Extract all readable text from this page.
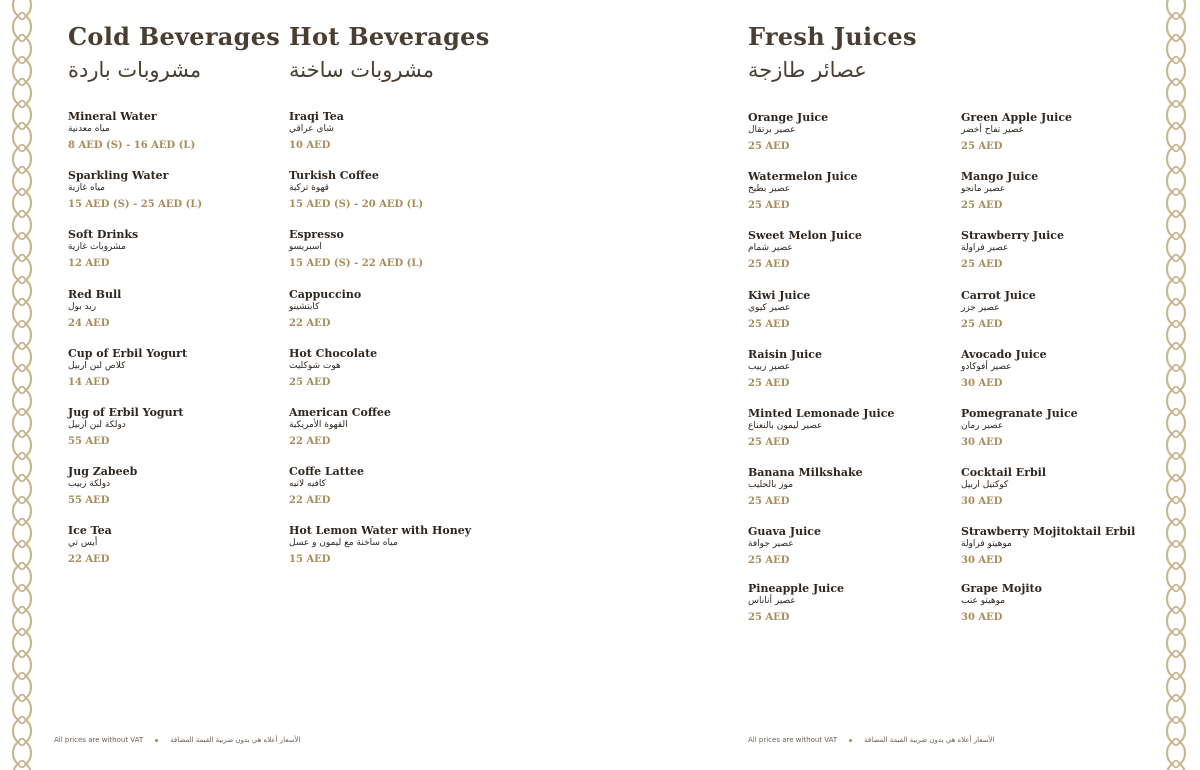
Cold Beverages
مشروبات باردة
Mineral Water
مياه معدنية
8 AED (S) - 16 AED (L)
Sparkling Water
مياه غازية
15 AED (S) - 25 AED (L)
Soft Drinks
مشروبات غازية
12 AED
Red Bull
ريد بول
24 AED
Cup of Erbil Yogurt
كلاص لبن اربيل
14 AED
Jug of Erbil Yogurt
دولكة لبن اربيل
55 AED
Jug Zabeeb
دولكة زبيب
55 AED
Ice Tea
أيس تي
22 AED
Hot Beverages
مشروبات ساخنة
Iraqi Tea
شاي عراقي
10 AED
Turkish Coffee
قهوة تركية
15 AED (S) - 20 AED (L)
Espresso
اسبريسو
15 AED (S) - 22 AED (L)
Cappuccino
كابتشينو
22 AED
Hot Chocolate
هوت شوكليت
25 AED
American Coffee
القهوة الأمريكية
22 AED
Coffe Lattee
كافيه لاتيه
22 AED
Hot Lemon Water with Honey
مياه ساخنة مع ليمون و عسل
15 AED
Fresh Juices
عصائر طازجة
Orange Juice
عصير برتقال
25 AED
Watermelon Juice
عصير بطيخ
25 AED
Sweet Melon Juice
عصير شمام
25 AED
Kiwi Juice
عصير كيوي
25 AED
Raisin Juice
عصير زبيب
25 AED
Minted Lemonade Juice
عصير ليمون بالنعناع
25 AED
Banana Milkshake
موز بالحليب
25 AED
Guava Juice
عصير جوافة
25 AED
Pineapple Juice
عصير أناناس
25 AED
Green Apple Juice
عصير تفاح أخضر
25 AED
Mango Juice
عصير مانجو
25 AED
Strawberry Juice
عصير فراولة
25 AED
Carrot Juice
عصير جزر
25 AED
Avocado Juice
عصير أفوكادو
30 AED
Pomegranate Juice
عصير رمان
30 AED
Cocktail Erbil
كوكتيل اربيل
30 AED
Strawberry Mojitoktail Erbil
موهيتو فراولة
30 AED
Grape Mojito
موهيتو عنب
30 AED
All prices are without VAT	الأسعار أعلاه هي بدون ضريبة القيمة المضافة	All prices are without VAT	الأسعار أعلاه هي بدون ضريبة القيمة المضافة
